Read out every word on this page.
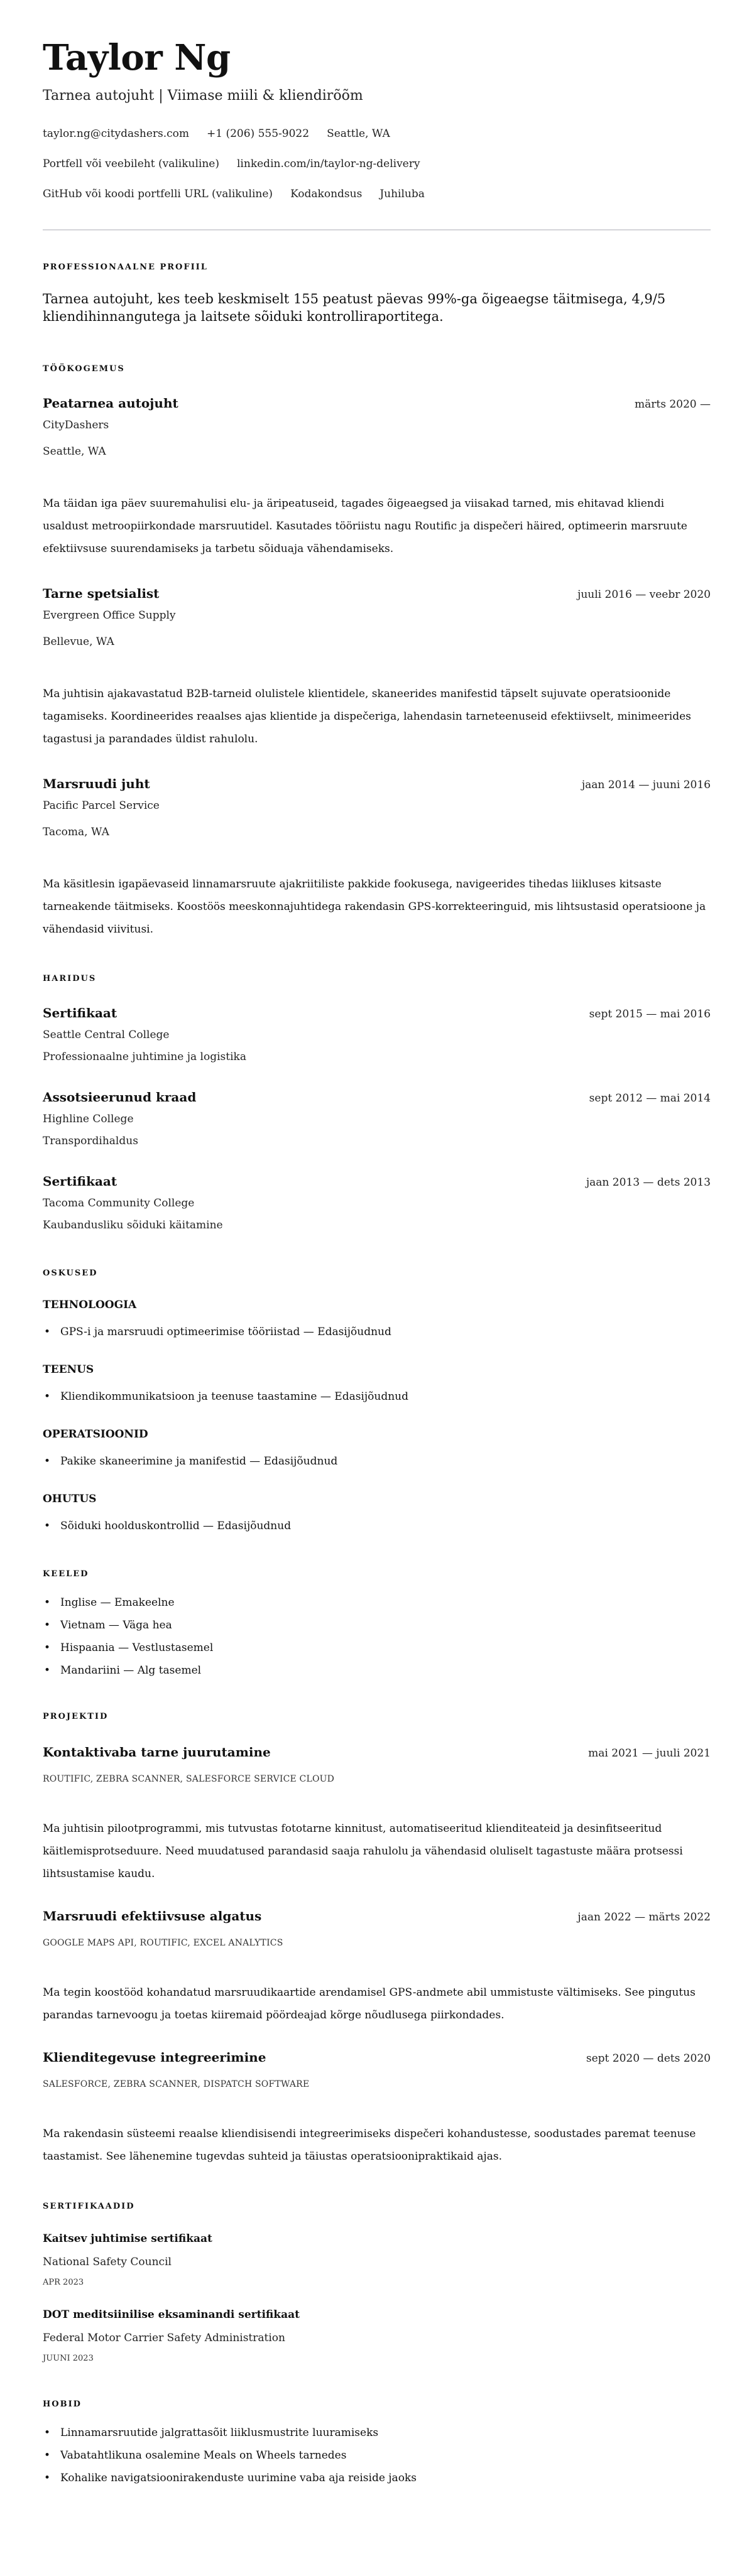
Taylor Ng
Tarnea autojuht | Viimase miili & kliendirõõm
taylor.ng@citydashers.com +1 (206) 555-9022 Seattle, WA
Portfell või veebileht (valikuline) linkedin.com/in/taylor-ng-delivery
GitHub või koodi portfelli URL (valikuline) Kodakondsus Juhiluba
PROFESSIONAALNE PROFIIL

Tarnea autojuht, kes teeb keskmiselt 155 peatust päevas 99%-ga õigeaegse täitmisega, 4,9/5 kliendihinnangutega ja laitsete sõiduki kontrolliraportitega.

TÖÖKOGEMUS
Peatarnea autojuht	märts 2020 —
CityDashers
Seattle, WA

Ma täidan iga päev suuremahulisi elu- ja äripeatuseid, tagades õigeaegsed ja viisakad tarned, mis ehitavad kliendi usaldust metroopiirkondade marsruutidel. Kasutades tööriistu nagu Routific ja dispečeri häired, optimeerin marsruute efektiivsuse suurendamiseks ja tarbetu sõiduaja vähendamiseks.

Tarne spetsialist	juuli 2016 — veebr 2020
Evergreen Office Supply
Bellevue, WA

Ma juhtisin ajakavastatud B2B-tarneid olulistele klientidele, skaneerides manifestid täpselt sujuvate operatsioonide tagamiseks. Koordineerides reaalses ajas klientide ja dispečeriga, lahendasin tarneteenuseid efektiivselt, minimeerides tagastusi ja parandades üldist rahulolu.

Marsruudi juht	jaan 2014 — juuni 2016
Pacific Parcel Service
Tacoma, WA

Ma käsitlesin igapäevaseid linnamarsruute ajakriitiliste pakkide fookusega, navigeerides tihedas liikluses kitsaste tarneakende täitmiseks. Koostöös meeskonnajuhtidega rakendasin GPS-korrekteeringuid, mis lihtsustasid operatsioone ja vähendasid viivitusi.

HARIDUS
Sertifikaat	sept 2015 — mai 2016
Seattle Central College
Professionaalne juhtimine ja logistika
Assotsieerunud kraad	sept 2012 — mai 2014
Highline College
Transpordihaldus
Sertifikaat	jaan 2013 — dets 2013
Tacoma Community College
Kaubandusliku sõiduki käitamine
OSKUSED
TEHNOLOOGIA
• GPS-i ja marsruudi optimeerimise tööriistad — Edasijõudnud
TEENUS
• Kliendikommunikatsioon ja teenuse taastamine — Edasijõudnud
OPERATSIOONID
• Pakike skaneerimine ja manifestid — Edasijõudnud
OHUTUS
• Sõiduki hoolduskontrollid — Edasijõudnud
KEELED
• Inglise — Emakeelne
• Vietnam — Väga hea
• Hispaania — Vestlustasemel
• Mandariini — Alg tasemel
PROJEKTID
Kontaktivaba tarne juurutamine	mai 2021 — juuli 2021
ROUTIFIC, ZEBRA SCANNER, SALESFORCE SERVICE CLOUD

Ma juhtisin pilootprogrammi, mis tutvustas fototarne kinnitust, automatiseeritud klienditeateid ja desinfitseeritud käitlemisprotseduure. Need muudatused parandasid saaja rahulolu ja vähendasid oluliselt tagastuste määra protsessi lihtsustamise kaudu.

Marsruudi efektiivsuse algatus	jaan 2022 — märts 2022
GOOGLE MAPS API, ROUTIFIC, EXCEL ANALYTICS

Ma tegin koostööd kohandatud marsruudikaartide arendamisel GPS-andmete abil ummistuste vältimiseks. See pingutus parandas tarnevoogu ja toetas kiiremaid pöördeajad kõrge nõudlusega piirkondades.

Klienditegevuse integreerimine	sept 2020 — dets 2020
SALESFORCE, ZEBRA SCANNER, DISPATCH SOFTWARE

Ma rakendasin süsteemi reaalse kliendisisendi integreerimiseks dispečeri kohandustesse, soodustades paremat teenuse taastamist. See lähenemine tugevdas suhteid ja täiustas operatsioonipraktikaid ajas.

SERTIFIKAADID
Kaitsev juhtimise sertifikaat
National Safety Council
APR 2023
DOT meditsiinilise eksaminandi sertifikaat
Federal Motor Carrier Safety Administration
JUUNI 2023
HOBID
• Linnamarsruutide jalgrattasõit liiklusmustrite luuramiseks
• Vabatahtlikuna osalemine Meals on Wheels tarnedes
• Kohalike navigatsioonirakenduste uurimine vaba aja reiside jaoks
